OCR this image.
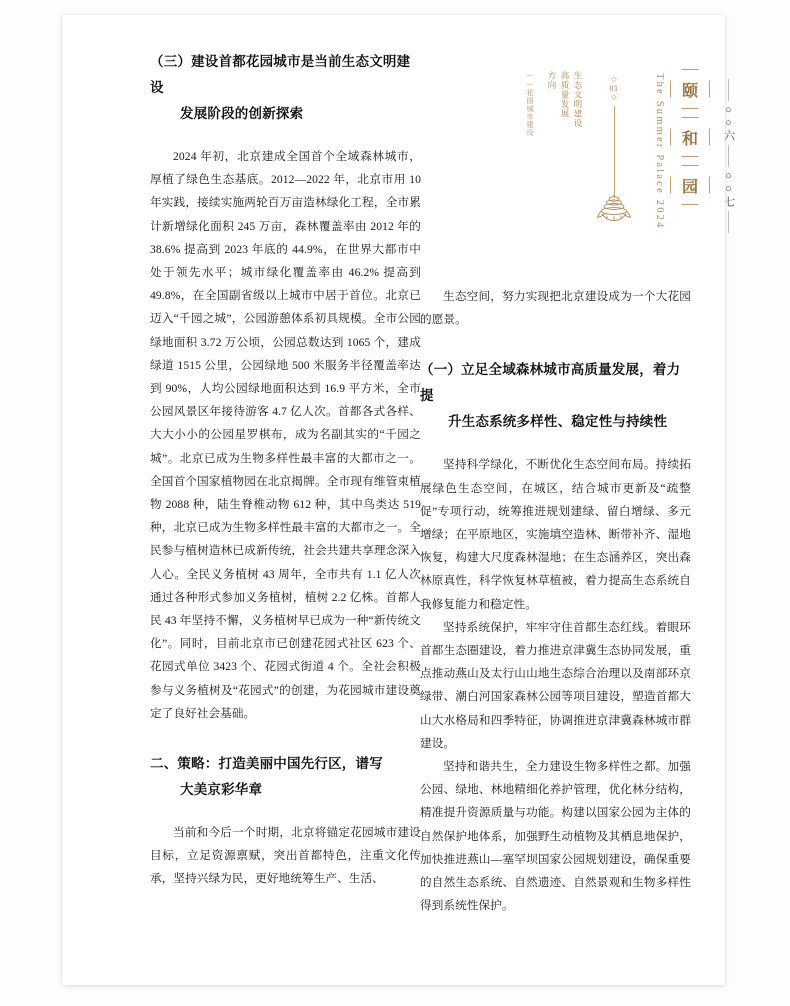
生态文明建设
高质量发展
方向
——花园城市建设	◇
01
◇	The Summer Palace 2024	颐
和
园
○○六
○○七
（三）建设首都花园城市是当前生态文明建设
发展阶段的创新探索

2024 年初，北京建成全国首个全域森林城市，厚植了绿色生态基底。2012—2022 年，北京市用 10 年实践，接续实施两轮百万亩造林绿化工程，全市累计新增绿化面积 245 万亩，森林覆盖率由 2012 年的 38.6% 提高到 2023 年底的 44.9%，在世界大都市中处于领先水平；城市绿化覆盖率由 46.2% 提高到 49.8%，在全国副省级以上城市中居于首位。北京已迈入“千园之城”，公园游憩体系初具规模。全市公园绿地面积 3.72 万公顷，公园总数达到 1065 个，建成绿道 1515 公里，公园绿地 500 米服务半径覆盖率达到 90%，人均公园绿地面积达到 16.9 平方米，全市公园风景区年接待游客 4.7 亿人次。首都各式各样、大大小小的公园星罗棋布，成为名副其实的“千园之城”。北京已成为生物多样性最丰富的大都市之一。全国首个国家植物园在北京揭牌。全市现有维管束植物 2088 种，陆生脊椎动物 612 种，其中鸟类达 519 种，北京已成为生物多样性最丰富的大都市之一。全民参与植树造林已成新传统，社会共建共享理念深入人心。全民义务植树 43 周年，全市共有 1.1 亿人次通过各种形式参加义务植树，植树 2.2 亿株。首都人民 43 年坚持不懈，义务植树早已成为一种“新传统文化”。同时，目前北京市已创建花园式社区 623 个、花园式单位 3423 个、花园式街道 4 个。全社会积极参与义务植树及“花园式”的创建，为花园城市建设奠定了良好社会基础。

二、策略：打造美丽中国先行区，谱写
大美京彩华章

当前和今后一个时期，北京将锚定花园城市建设目标，立足资源禀赋，突出首都特色，注重文化传承，坚持兴绿为民，更好地统筹生产、生活、

生态空间，努力实现把北京建设成为一个大花园的愿景。

（一）立足全域森林城市高质量发展，着力提
升生态系统多样性、稳定性与持续性

坚持科学绿化，不断优化生态空间布局。持续拓展绿色生态空间，在城区，结合城市更新及“疏整促”专项行动，统筹推进规划建绿、留白增绿、多元增绿；在平原地区，实施填空造林、断带补齐、湿地恢复，构建大尺度森林湿地；在生态涵养区，突出森林原真性，科学恢复林草植被，着力提高生态系统自我修复能力和稳定性。

坚持系统保护，牢牢守住首都生态红线。着眼环首都生态圈建设，着力推进京津冀生态协同发展，重点推动燕山及太行山山地生态综合治理以及南部环京绿带、潮白河国家森林公园等项目建设，塑造首都大山大水格局和四季特征，协调推进京津冀森林城市群建设。

坚持和谐共生，全力建设生物多样性之都。加强公园、绿地、林地精细化养护管理，优化林分结构，精准提升资源质量与功能。构建以国家公园为主体的自然保护地体系，加强野生动植物及其栖息地保护，加快推进燕山—塞罕坝国家公园规划建设，确保重要的自然生态系统、自然遗迹、自然景观和生物多样性得到系统性保护。
